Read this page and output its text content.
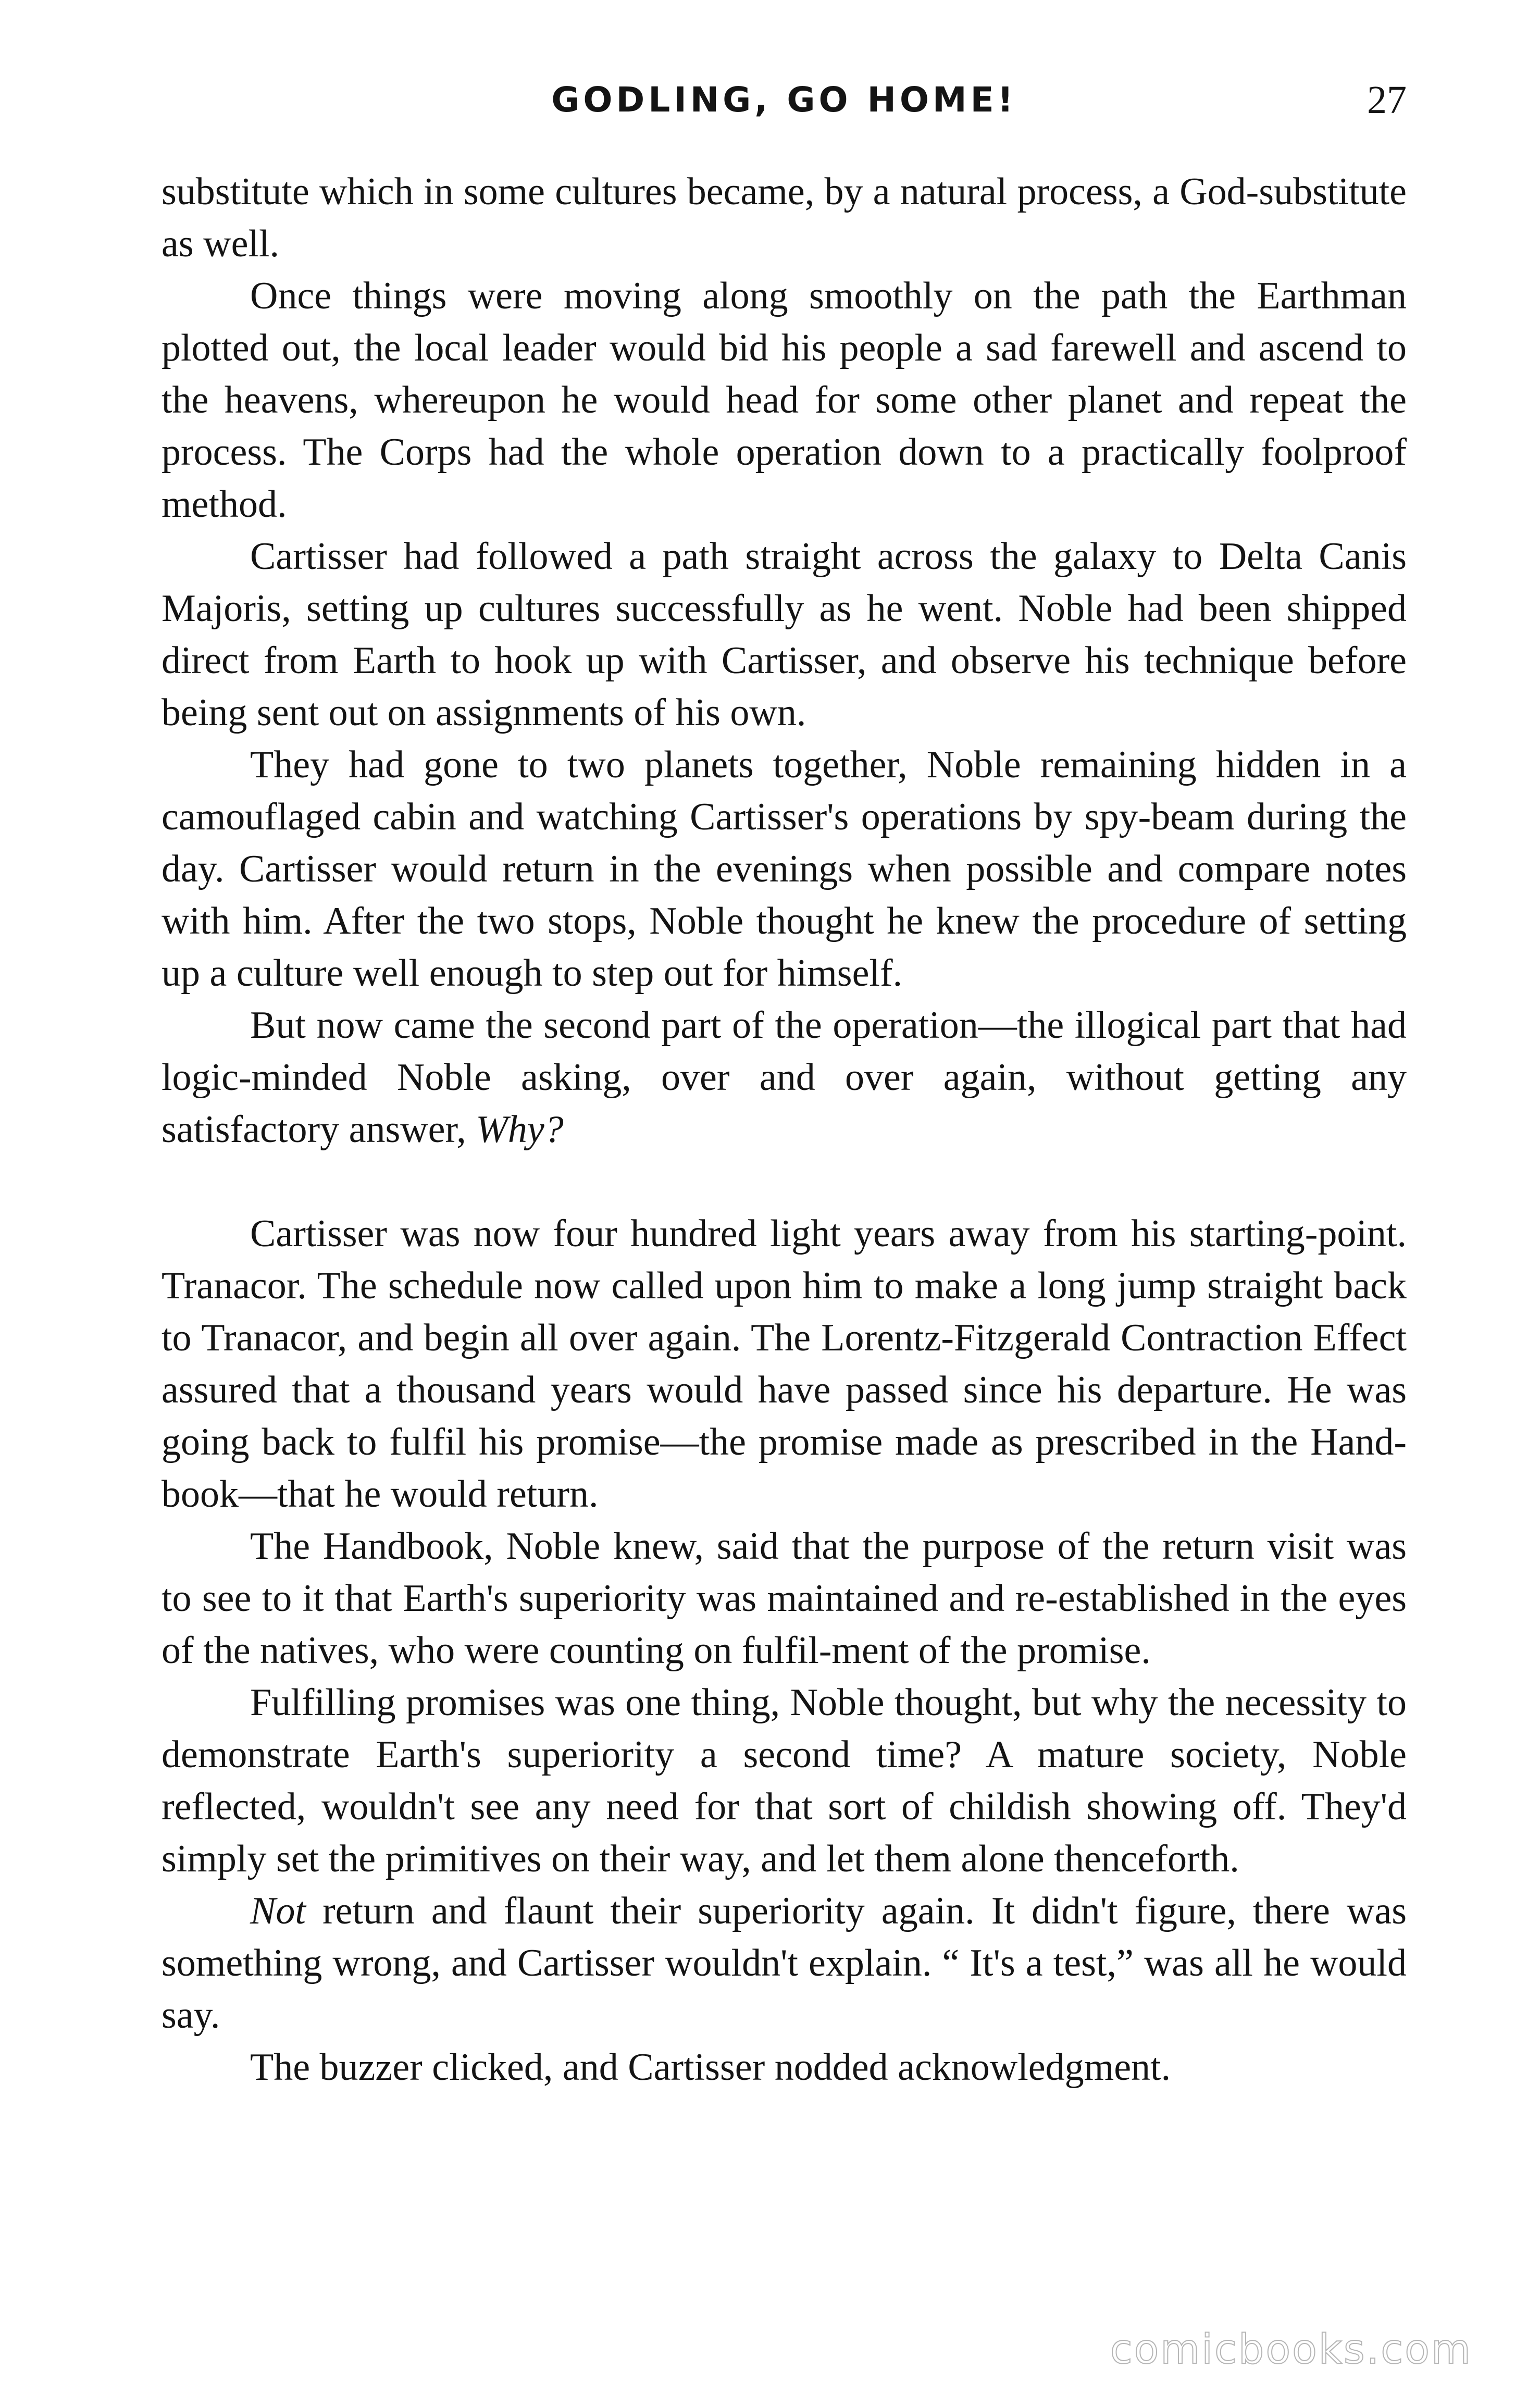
GODLING, GO HOME!	27

substitute which in some cultures became, by a natural process, a God-substitute as well.

Once things were moving along smoothly on the path the Earthman plotted out, the local leader would bid his people a sad farewell and ascend to the heavens, whereupon he would head for some other planet and repeat the process. The Corps had the whole operation down to a practically foolproof method.

Cartisser had followed a path straight across the galaxy to Delta Canis Majoris, setting up cultures successfully as he went. Noble had been shipped direct from Earth to hook up with Cartisser, and observe his technique before being sent out on assignments of his own.

They had gone to two planets together, Noble remaining hidden in a camouflaged cabin and watching Cartisser's operations by spy-beam during the day. Cartisser would return in the evenings when possible and compare notes with him. After the two stops, Noble thought he knew the procedure of setting up a culture well enough to step out for himself.

But now came the second part of the operation—the illogical part that had logic-minded Noble asking, over and over again, without getting any satisfactory answer, Why?

Cartisser was now four hundred light years away from his starting-point. Tranacor. The schedule now called upon him to make a long jump straight back to Tranacor, and begin all over again. The Lorentz-Fitzgerald Contraction Effect assured that a thousand years would have passed since his departure. He was going back to fulfil his promise—the promise made as prescribed in the Hand-book—that he would return.

The Handbook, Noble knew, said that the purpose of the return visit was to see to it that Earth's superiority was maintained and re-established in the eyes of the natives, who were counting on fulfil-ment of the promise.

Fulfilling promises was one thing, Noble thought, but why the necessity to demonstrate Earth's superiority a second time? A mature society, Noble reflected, wouldn't see any need for that sort of childish showing off. They'd simply set the primitives on their way, and let them alone thenceforth.

Not return and flaunt their superiority again. It didn't figure, there was something wrong, and Cartisser wouldn't explain. “ It's a test,” was all he would say.

The buzzer clicked, and Cartisser nodded acknowledgment.

comicbooks.com
